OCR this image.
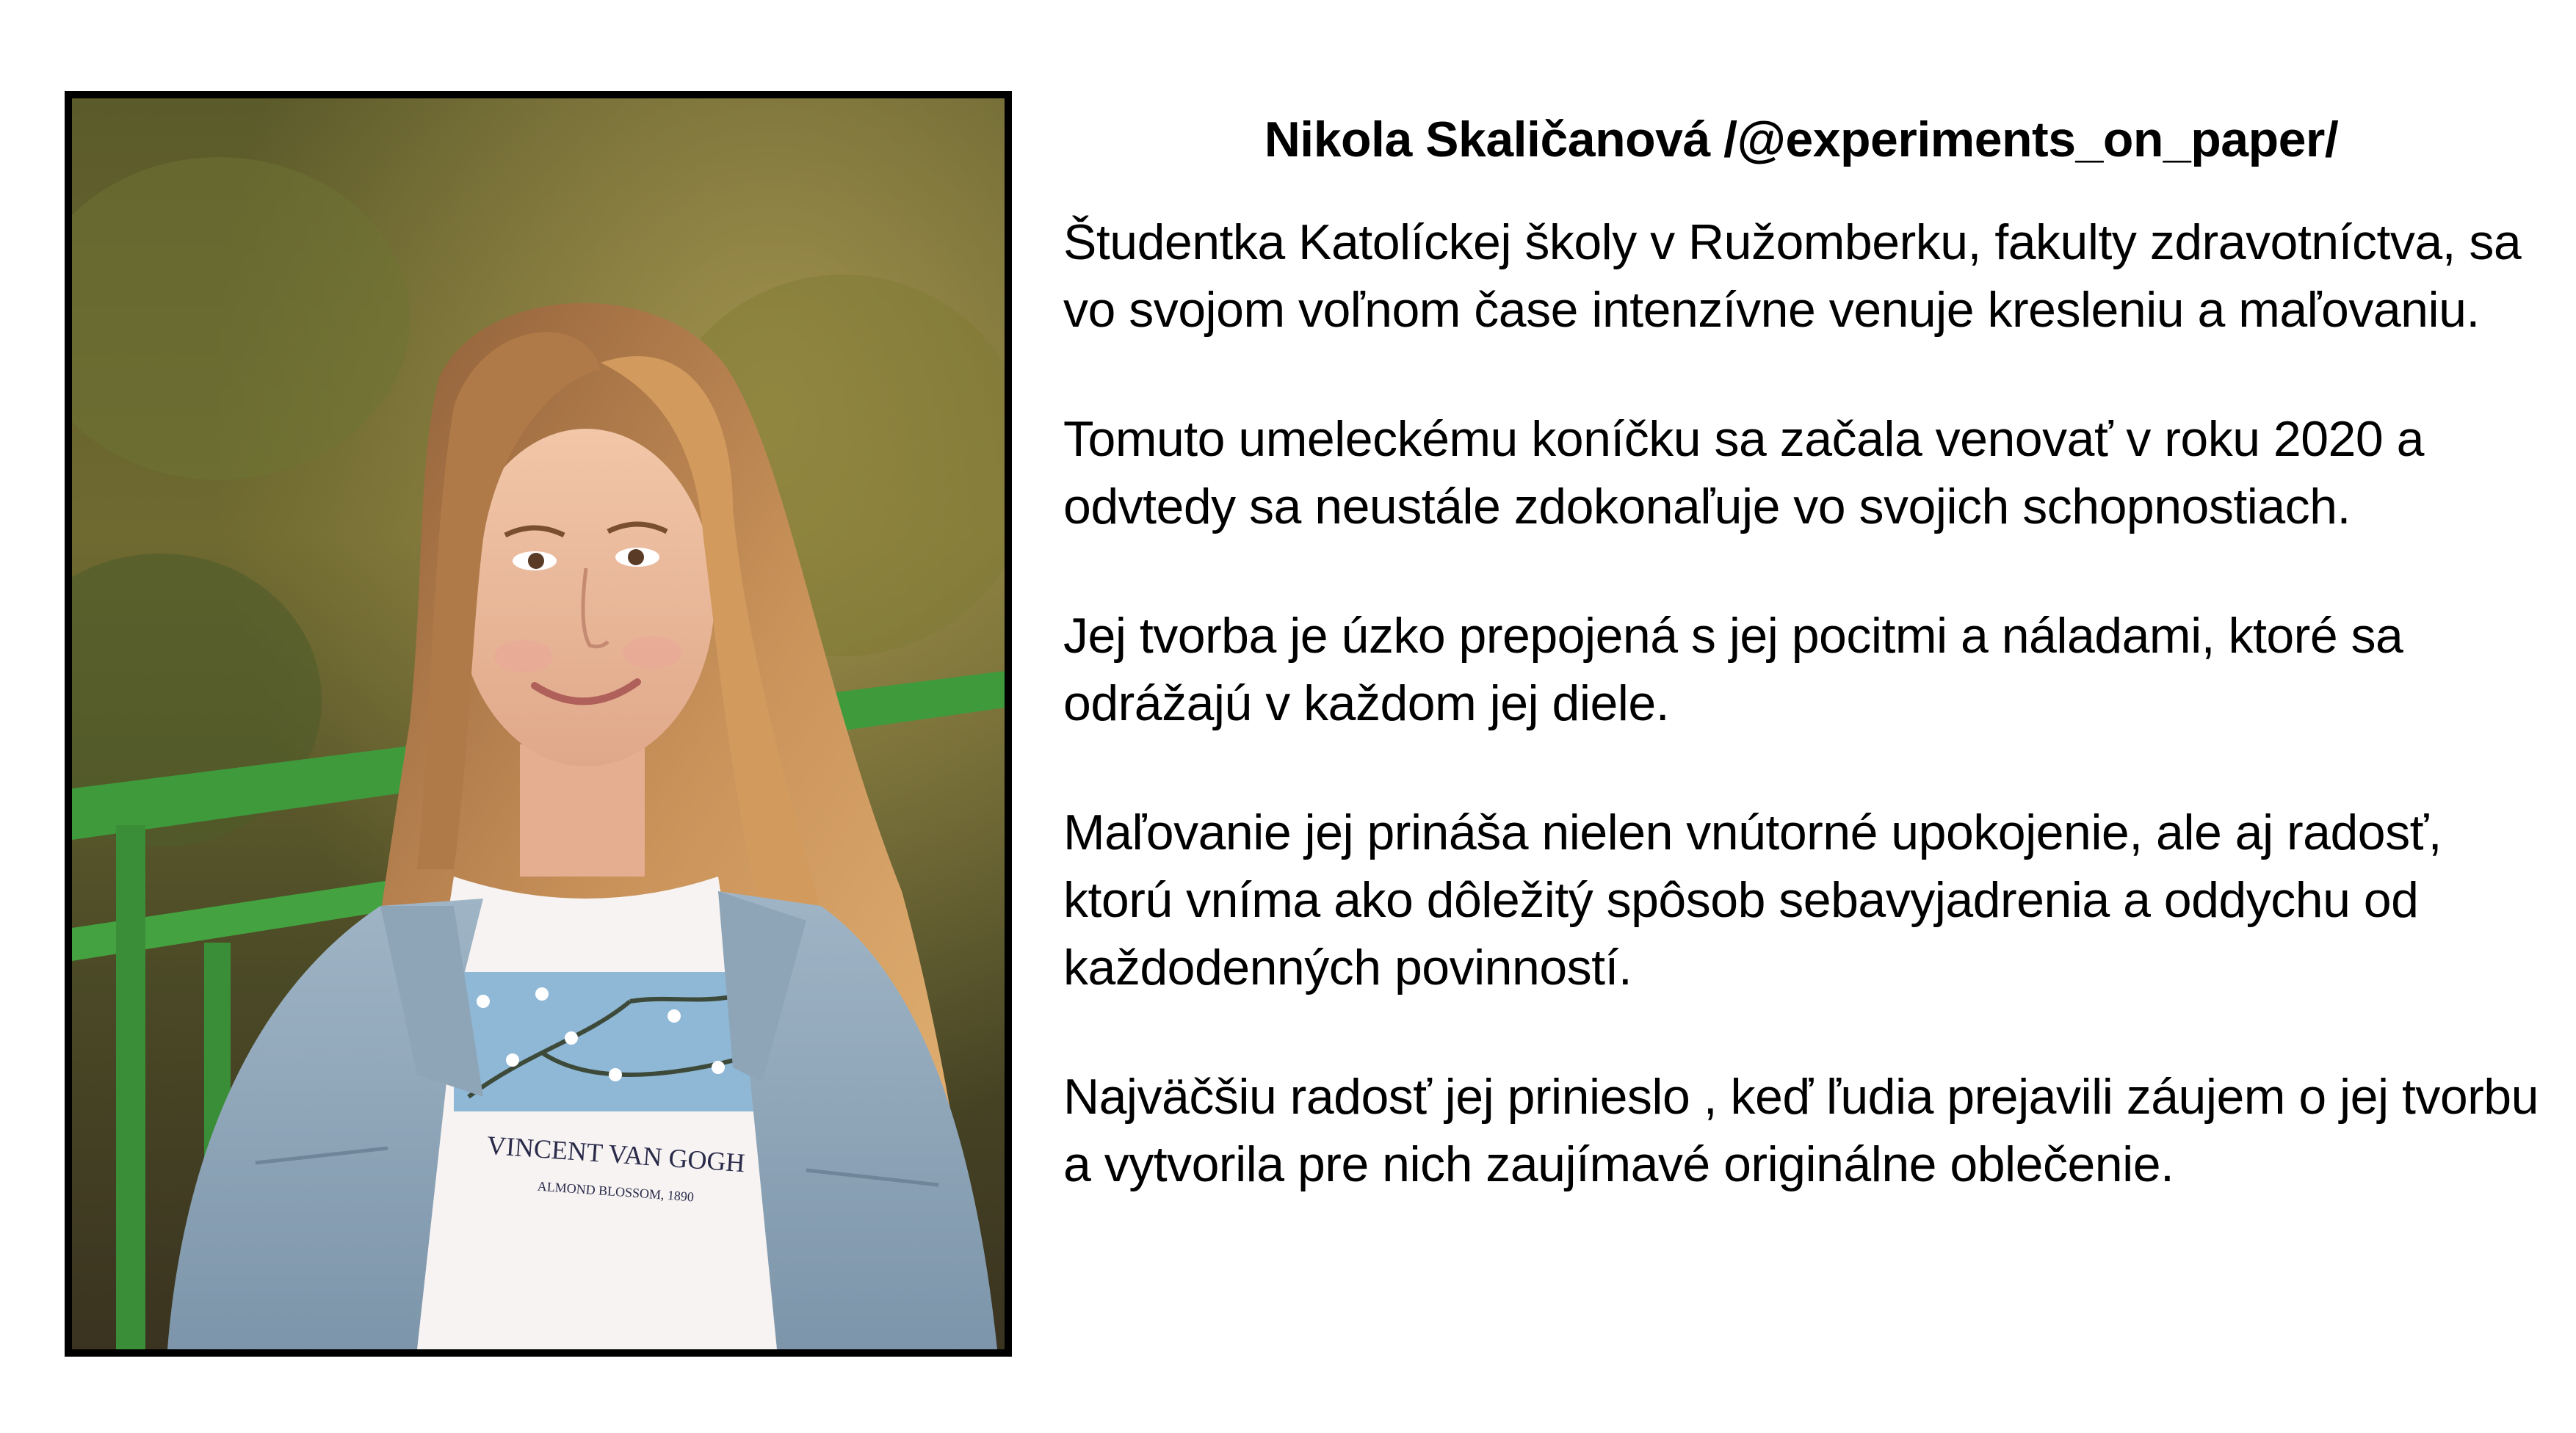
VINCENT VAN GOGH
ALMOND BLOSSOM, 1890
Nikola Skaličanová /@experiments_on_paper/

Študentka Katolíckej školy v Ružomberku, fakulty zdravotníctva, sa vo svojom voľnom čase intenzívne venuje kresleniu a maľovaniu.

Tomuto umeleckému koníčku sa začala venovať v roku 2020 a odvtedy sa neustále zdokonaľuje vo svojich schopnostiach.

Jej tvorba je úzko prepojená s jej pocitmi a náladami, ktoré sa odrážajú v každom jej diele.

Maľovanie jej prináša nielen vnútorné upokojenie, ale aj radosť, ktorú vníma ako dôležitý spôsob sebavyjadrenia a oddychu od každodenných povinností.

Najväčšiu radosť jej prinieslo , keď ľudia prejavili záujem o jej tvorbu a vytvorila pre nich zaujímavé originálne oblečenie.
